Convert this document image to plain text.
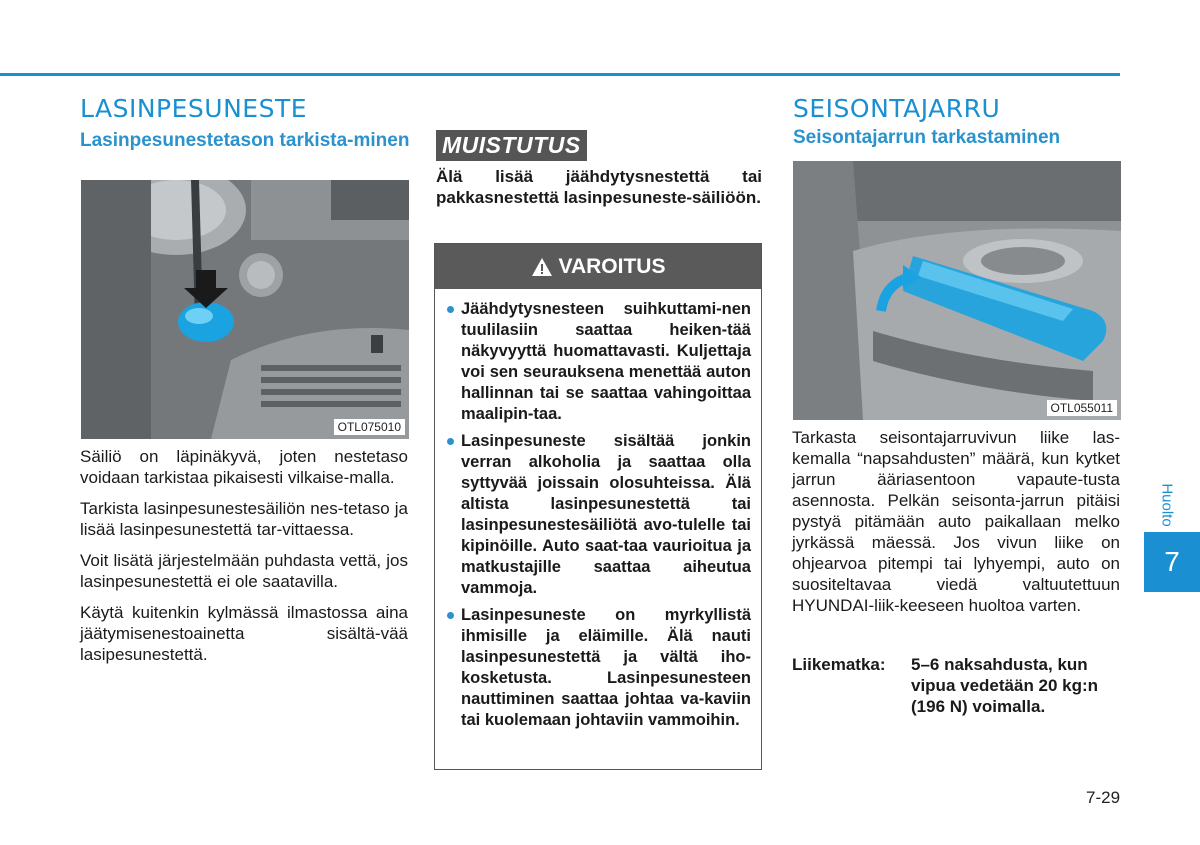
LASINPESUNESTE
Lasinpesunestetason tarkista-minen
OTL075010

Säiliö on läpinäkyvä, joten nestetaso voidaan tarkistaa pikaisesti vilkaise-malla.

Tarkista lasinpesunestesäiliön nes-tetaso ja lisää lasinpesunestettä tar-vittaessa.

Voit lisätä järjestelmään puhdasta vettä, jos lasinpesunestettä ei ole saatavilla.

Käytä kuitenkin kylmässä ilmastossa aina jäätymisenestoainetta sisältä-vää lasipesunestettä.

MUISTUTUS
Älä lisää jäähdytysnestettä tai pakkasnestettä lasinpesuneste-säiliöön.
VAROITUS
Jäähdytysnesteen suihkuttami-nen tuulilasiin saattaa heiken-tää näkyvyyttä huomattavasti. Kuljettaja voi sen seurauksena menettää auton hallinnan tai se saattaa vahingoittaa maalipin-taa.
Lasinpesuneste sisältää jonkin verran alkoholia ja saattaa olla syttyvää joissain olosuhteissa. Älä altista lasinpesunestettä tai lasinpesunestesäiliötä avo-tulelle tai kipinöille. Auto saat-taa vaurioitua ja matkustajille saattaa aiheutua vammoja.
Lasinpesuneste on myrkyllistä ihmisille ja eläimille. Älä nauti lasinpesunestettä ja vältä iho-kosketusta. Lasinpesunesteen nauttiminen saattaa johtaa va-kaviin tai kuolemaan johtaviin vammoihin.
SEISONTAJARRU
Seisontajarrun tarkastaminen
OTL055011
Tarkasta seisontajarruvivun liike las-kemalla “napsahdusten” määrä, kun kytket jarrun ääriasentoon vapaute-tusta asennosta. Pelkän seisonta-jarrun pitäisi pystyä pitämään auto paikallaan melko jyrkässä mäessä. Jos vivun liike on ohjearvoa pitempi tai lyhyempi, auto on suositeltavaa viedä valtuutettuun HYUNDAI-liik-keeseen huoltoa varten.
Liikematka: 5–6 naksahdusta, kun vipua vedetään 20 kg:n (196 N) voimalla.
Huolto
7
7-29
